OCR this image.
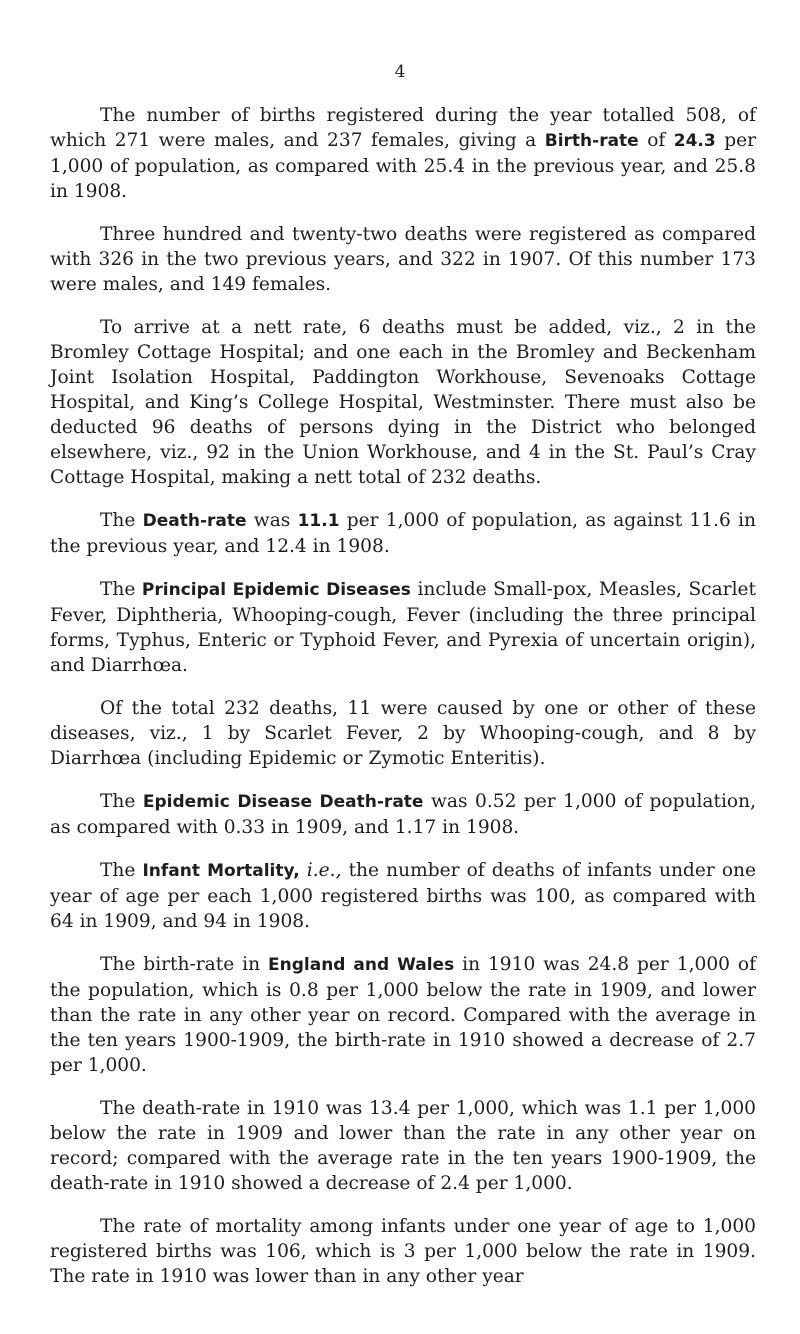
4

The number of births registered during the year totalled 508, of which 271 were males, and 237 females, giving a Birth-rate of 24.3 per 1,000 of population, as compared with 25.4 in the previous year, and 25.8 in 1908.

Three hundred and twenty-two deaths were registered as compared with 326 in the two previous years, and 322 in 1907. Of this number 173 were males, and 149 females.

To arrive at a nett rate, 6 deaths must be added, viz., 2 in the Bromley Cottage Hospital; and one each in the Bromley and Beckenham Joint Isolation Hospital, Paddington Workhouse, Sevenoaks Cottage Hospital, and King’s College Hospital, Westminster. There must also be deducted 96 deaths of persons dying in the District who belonged elsewhere, viz., 92 in the Union Workhouse, and 4 in the St. Paul’s Cray Cottage Hospital, making a nett total of 232 deaths.

The Death-rate was 11.1 per 1,000 of population, as against 11.6 in the previous year, and 12.4 in 1908.

The Principal Epidemic Diseases include Small-pox, Measles, Scarlet Fever, Diphtheria, Whooping-cough, Fever (including the three principal forms, Typhus, Enteric or Typhoid Fever, and Pyrexia of uncertain origin), and Diarrhœa.

Of the total 232 deaths, 11 were caused by one or other of these diseases, viz., 1 by Scarlet Fever, 2 by Whooping-cough, and 8 by Diarrhœa (including Epidemic or Zymotic Enteritis).

The Epidemic Disease Death-rate was 0.52 per 1,000 of population, as compared with 0.33 in 1909, and 1.17 in 1908.

The Infant Mortality, i.e., the number of deaths of infants under one year of age per each 1,000 registered births was 100, as compared with 64 in 1909, and 94 in 1908.

The birth-rate in England and Wales in 1910 was 24.8 per 1,000 of the population, which is 0.8 per 1,000 below the rate in 1909, and lower than the rate in any other year on record. Compared with the average in the ten years 1900-1909, the birth-rate in 1910 showed a decrease of 2.7 per 1,000.

The death-rate in 1910 was 13.4 per 1,000, which was 1.1 per 1,000 below the rate in 1909 and lower than the rate in any other year on record; compared with the average rate in the ten years 1900-1909, the death-rate in 1910 showed a decrease of 2.4 per 1,000.

The rate of mortality among infants under one year of age to 1,000 registered births was 106, which is 3 per 1,000 below the rate in 1909. The rate in 1910 was lower than in any other year
